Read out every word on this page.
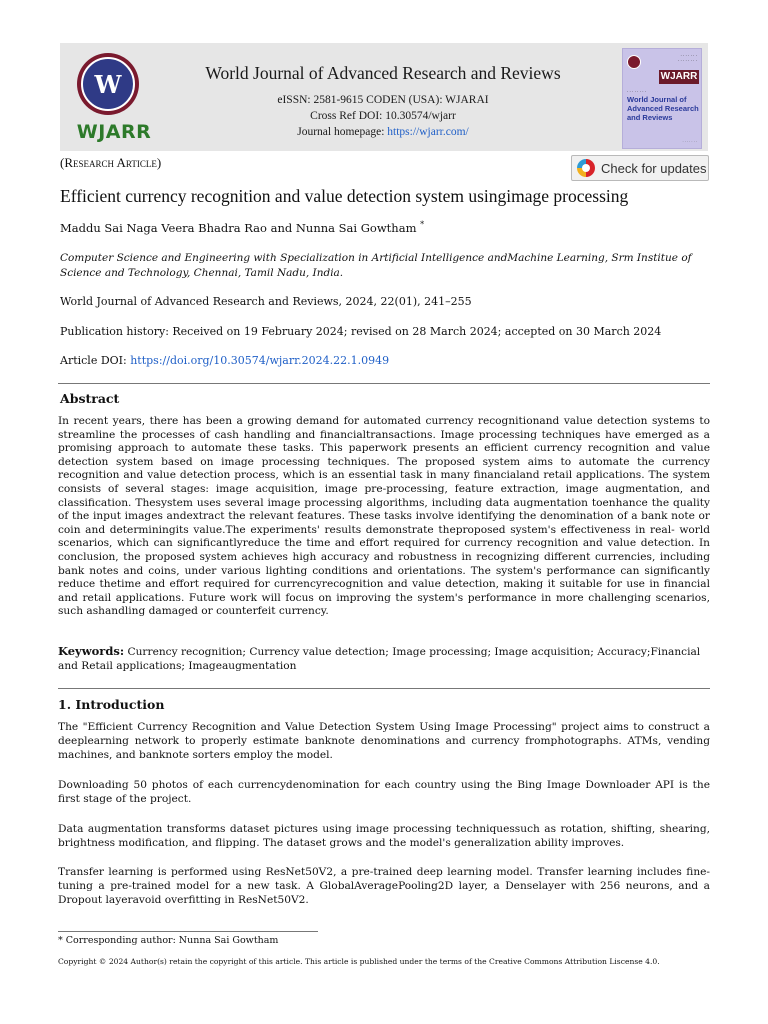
W
WJARR
World Journal of Advanced Research and Reviews
eISSN: 2581-9615 CODEN (USA): WJARAI
Cross Ref DOI: 10.30574/wjarr
Journal homepage: https://wjarr.com/
· · · · · · ·
· · · · · · · ·
WJARR
· · · · · · · ·
World Journal of Advanced Research and Reviews
· · · · · · ·
(Research Article)	Check for updates
Efficient currency recognition and value detection system usingimage processing
Maddu Sai Naga Veera Bhadra Rao and Nunna Sai Gowtham *
Computer Science and Engineering with Specialization in Artificial Intelligence andMachine Learning, Srm Institue of Science and Technology, Chennai, Tamil Nadu, India.
World Journal of Advanced Research and Reviews, 2024, 22(01), 241–255
Publication history: Received on 19 February 2024; revised on 28 March 2024; accepted on 30 March 2024
Article DOI: https://doi.org/10.30574/wjarr.2024.22.1.0949
Abstract
In recent years, there has been a growing demand for automated currency recognitionand value detection systems to streamline the processes of cash handling and financialtransactions. Image processing techniques have emerged as a promising approach to automate these tasks. This paperwork presents an efficient currency recognition and value detection system based on image processing techniques. The proposed system aims to automate the currency recognition and value detection process, which is an essential task in many financialand retail applications. The system consists of several stages: image acquisition, image pre-processing, feature extraction, image augmentation, and classification. Thesystem uses several image processing algorithms, including data augmentation toenhance the quality of the input images andextract the relevant features. These tasks involve identifying the denomination of a bank note or coin and determiningits value.The experiments' results demonstrate theproposed system's effectiveness in real- world scenarios, which can significantlyreduce the time and effort required for currency recognition and value detection. In conclusion, the proposed system achieves high accuracy and robustness in recognizing different currencies, including bank notes and coins, under various lighting conditions and orientations. The system's performance can significantly reduce thetime and effort required for currencyrecognition and value detection, making it suitable for use in financial and retail applications. Future work will focus on improving the system's performance in more challenging scenarios, such ashandling damaged or counterfeit currency.
Keywords: Currency recognition; Currency value detection; Image processing; Image acquisition; Accuracy;Financial and Retail applications; Imageaugmentation
1. Introduction
The "Efficient Currency Recognition and Value Detection System Using Image Processing" project aims to construct a deeplearning network to properly estimate banknote denominations and currency fromphotographs. ATMs, vending machines, and banknote sorters employ the model.
Downloading 50 photos of each currencydenomination for each country using the Bing Image Downloader API is the first stage of the project.
Data augmentation transforms dataset pictures using image processing techniquessuch as rotation, shifting, shearing, brightness modification, and flipping. The dataset grows and the model's generalization ability improves.
Transfer learning is performed using ResNet50V2, a pre-trained deep learning model. Transfer learning includes fine-tuning a pre-trained model for a new task. A GlobalAveragePooling2D layer, a Denselayer with 256 neurons, and a Dropout layeravoid overfitting in ResNet50V2.
* Corresponding author: Nunna Sai Gowtham
Copyright © 2024 Author(s) retain the copyright of this article. This article is published under the terms of the Creative Commons Attribution Liscense 4.0.
